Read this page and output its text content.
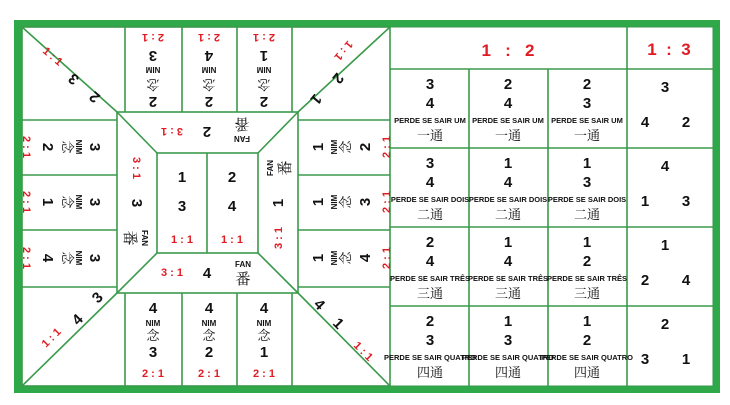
1 : 1
3
2
1 : 1
2
1
3
4
1 : 1
4
1
1 : 1
2 : 1
3
NIM
念
2
2 : 1
4
NIM
念
2
2 : 1
1
NIM
念
2
4
NIM
念
3
2 : 1
4
NIM
念
2
2 : 1
4
NIM
念
1
2 : 1
2 : 1 2 念 NIM 3
2 : 1 1 念 NIM 3
2 : 1 4 念 NIM 3
2 : 1
2
念
NIM
1
2 : 1
3
念
NIM
1
2 : 1
4
念
NIM
1
2
3 : 1
FAN
番
4
3 : 1
FAN
番
3
3 : 1
FAN
番
1
3 : 1
FAN 番
1
3
1 : 1
2
4
1 : 1
1   :   2	1  :  3
3
4
PERDE SE SAIR UM
一通
2
4
PERDE SE SAIR UM
一通
2
3
PERDE SE SAIR UM
一通
3
4 2
3
4
PERDE SE SAIR DOIS
二通
1
4
PERDE SE SAIR DOIS
二通
1
3
PERDE SE SAIR DOIS
二通
4
1 3
2
4
PERDE SE SAIR TRÊS
三通
1
4
PERDE SE SAIR TRÊS
三通
1
2
PERDE SE SAIR TRÊS
三通
1
2 4
2
3
PERDE SE SAIR QUATRO
四通
1
3
PERDE SE SAIR QUATRO
四通
1
2
PERDE SE SAIR QUATRO
四通
2
3 1
